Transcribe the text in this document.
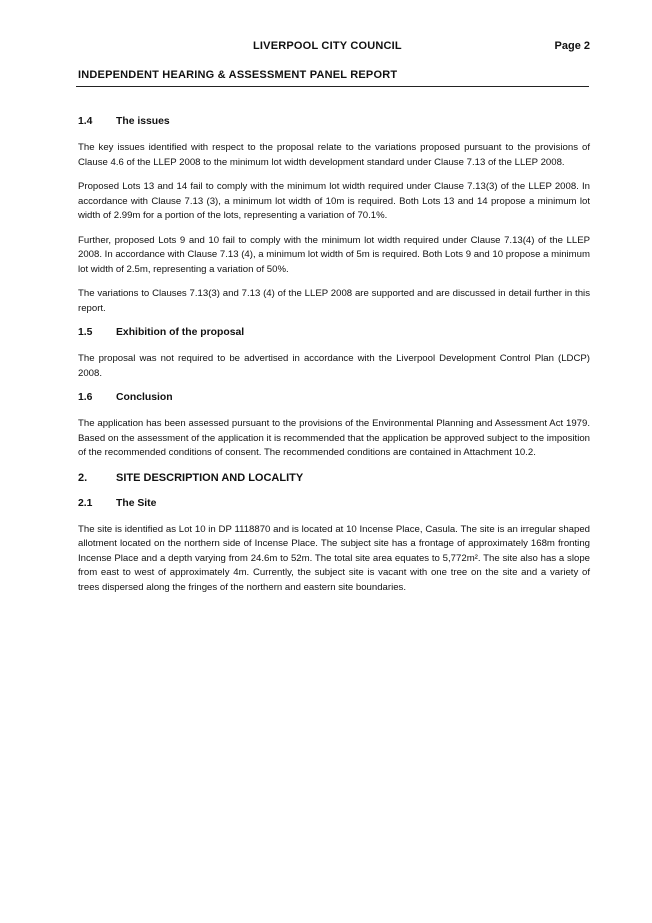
LIVERPOOL CITY COUNCIL	Page 2
INDEPENDENT HEARING & ASSESSMENT PANEL REPORT
1.4	The issues

The key issues identified with respect to the proposal relate to the variations proposed pursuant to the provisions of Clause 4.6 of the LLEP 2008 to the minimum lot width development standard under Clause 7.13 of the LLEP 2008.

Proposed Lots 13 and 14 fail to comply with the minimum lot width required under Clause 7.13(3) of the LLEP 2008. In accordance with Clause 7.13 (3), a minimum lot width of 10m is required. Both Lots 13 and 14 propose a minimum lot width of 2.99m for a portion of the lots, representing a variation of 70.1%.

Further, proposed Lots 9 and 10 fail to comply with the minimum lot width required under Clause 7.13(4) of the LLEP 2008. In accordance with Clause 7.13 (4), a minimum lot width of 5m is required. Both Lots 9 and 10 propose a minimum lot width of 2.5m, representing a variation of 50%.

The variations to Clauses 7.13(3) and 7.13 (4) of the LLEP 2008 are supported and are discussed in detail further in this report.

1.5	Exhibition of the proposal

The proposal was not required to be advertised in accordance with the Liverpool Development Control Plan (LDCP) 2008.

1.6	Conclusion

The application has been assessed pursuant to the provisions of the Environmental Planning and Assessment Act 1979. Based on the assessment of the application it is recommended that the application be approved subject to the imposition of the recommended conditions of consent. The recommended conditions are contained in Attachment 10.2.

2.	SITE DESCRIPTION AND LOCALITY
2.1	The Site

The site is identified as Lot 10 in DP 1118870 and is located at 10 Incense Place, Casula. The site is an irregular shaped allotment located on the northern side of Incense Place. The subject site has a frontage of approximately 168m fronting Incense Place and a depth varying from 24.6m to 52m. The total site area equates to 5,772m². The site also has a slope from east to west of approximately 4m. Currently, the subject site is vacant with one tree on the site and a variety of trees dispersed along the fringes of the northern and eastern site boundaries.
